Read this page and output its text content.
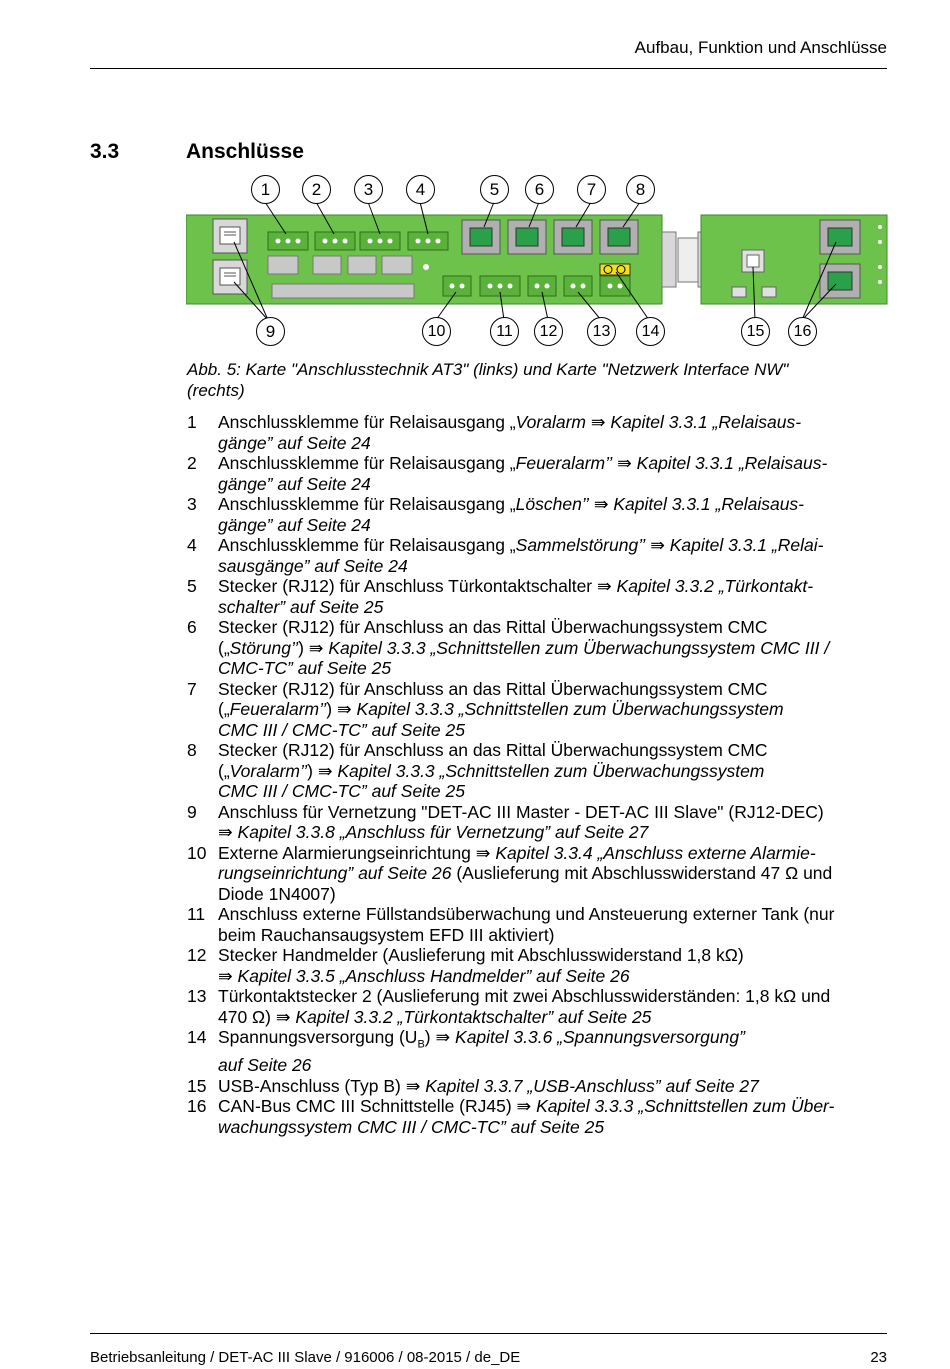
Aufbau, Funktion und Anschlüsse
3.3	Anschlüsse
1	2	3	4	5	6	7	8
9	10	11	12	13	14	15	16
Abb. 5: Karte "Anschlusstechnik AT3" (links) und Karte "Netzwerk Interface NW"
(rechts)
1	Anschlussklemme für Relaisausgang „Voralarm ⇛ Kapitel 3.3.1 „Relaisaus-
gänge” auf Seite 24
2	Anschlussklemme für Relaisausgang „Feueralarm’’ ⇛ Kapitel 3.3.1 „Relaisaus-
gänge” auf Seite 24
3	Anschlussklemme für Relaisausgang „Löschen’’ ⇛ Kapitel 3.3.1 „Relaisaus-
gänge” auf Seite 24
4	Anschlussklemme für Relaisausgang „Sammelstörung’’ ⇛ Kapitel 3.3.1 „Relai-
sausgänge” auf Seite 24
5	Stecker (RJ12) für Anschluss Türkontaktschalter ⇛ Kapitel 3.3.2 „Türkontakt-
schalter” auf Seite 25
6	Stecker (RJ12) für Anschluss an das Rittal Überwachungssystem CMC
(„Störung’’) ⇛ Kapitel 3.3.3 „Schnittstellen zum Überwachungssystem CMC III /
CMC-TC” auf Seite 25
7	Stecker (RJ12) für Anschluss an das Rittal Überwachungssystem CMC
(„Feueralarm’’) ⇛ Kapitel 3.3.3 „Schnittstellen zum Überwachungssystem
CMC III / CMC-TC” auf Seite 25
8	Stecker (RJ12) für Anschluss an das Rittal Überwachungssystem CMC
(„Voralarm’’) ⇛ Kapitel 3.3.3 „Schnittstellen zum Überwachungssystem
CMC III / CMC-TC” auf Seite 25
9	Anschluss für Vernetzung "DET-AC III Master - DET-AC III Slave" (RJ12-DEC)
⇛ Kapitel 3.3.8 „Anschluss für Vernetzung” auf Seite 27
10 Externe Alarmierungseinrichtung ⇛ Kapitel 3.3.4 „Anschluss externe Alarmie-
rungseinrichtung” auf Seite 26 (Auslieferung mit Abschlusswiderstand 47 Ω und
Diode 1N4007)
11 Anschluss externe Füllstandsüberwachung und Ansteuerung externer Tank (nur
beim Rauchansaugsystem EFD III aktiviert)
12 Stecker Handmelder (Auslieferung mit Abschlusswiderstand 1,8 kΩ)
⇛ Kapitel 3.3.5 „Anschluss Handmelder” auf Seite 26
13 Türkontaktstecker 2 (Auslieferung mit zwei Abschlusswiderständen: 1,8 kΩ und
470 Ω) ⇛ Kapitel 3.3.2 „Türkontaktschalter” auf Seite 25
14 Spannungsversorgung $(U_B)$ ⇛ Kapitel 3.3.6 „Spannungsversorgung”
auf Seite 26
15 USB-Anschluss (Typ B) ⇛ Kapitel 3.3.7 „USB-Anschluss” auf Seite 27
16 CAN-Bus CMC III Schnittstelle (RJ45) ⇛ Kapitel 3.3.3 „Schnittstellen zum Über-
wachungssystem CMC III / CMC-TC” auf Seite 25
Betriebsanleitung / DET-AC III Slave / 916006 / 08-2015 / de_DE	23
